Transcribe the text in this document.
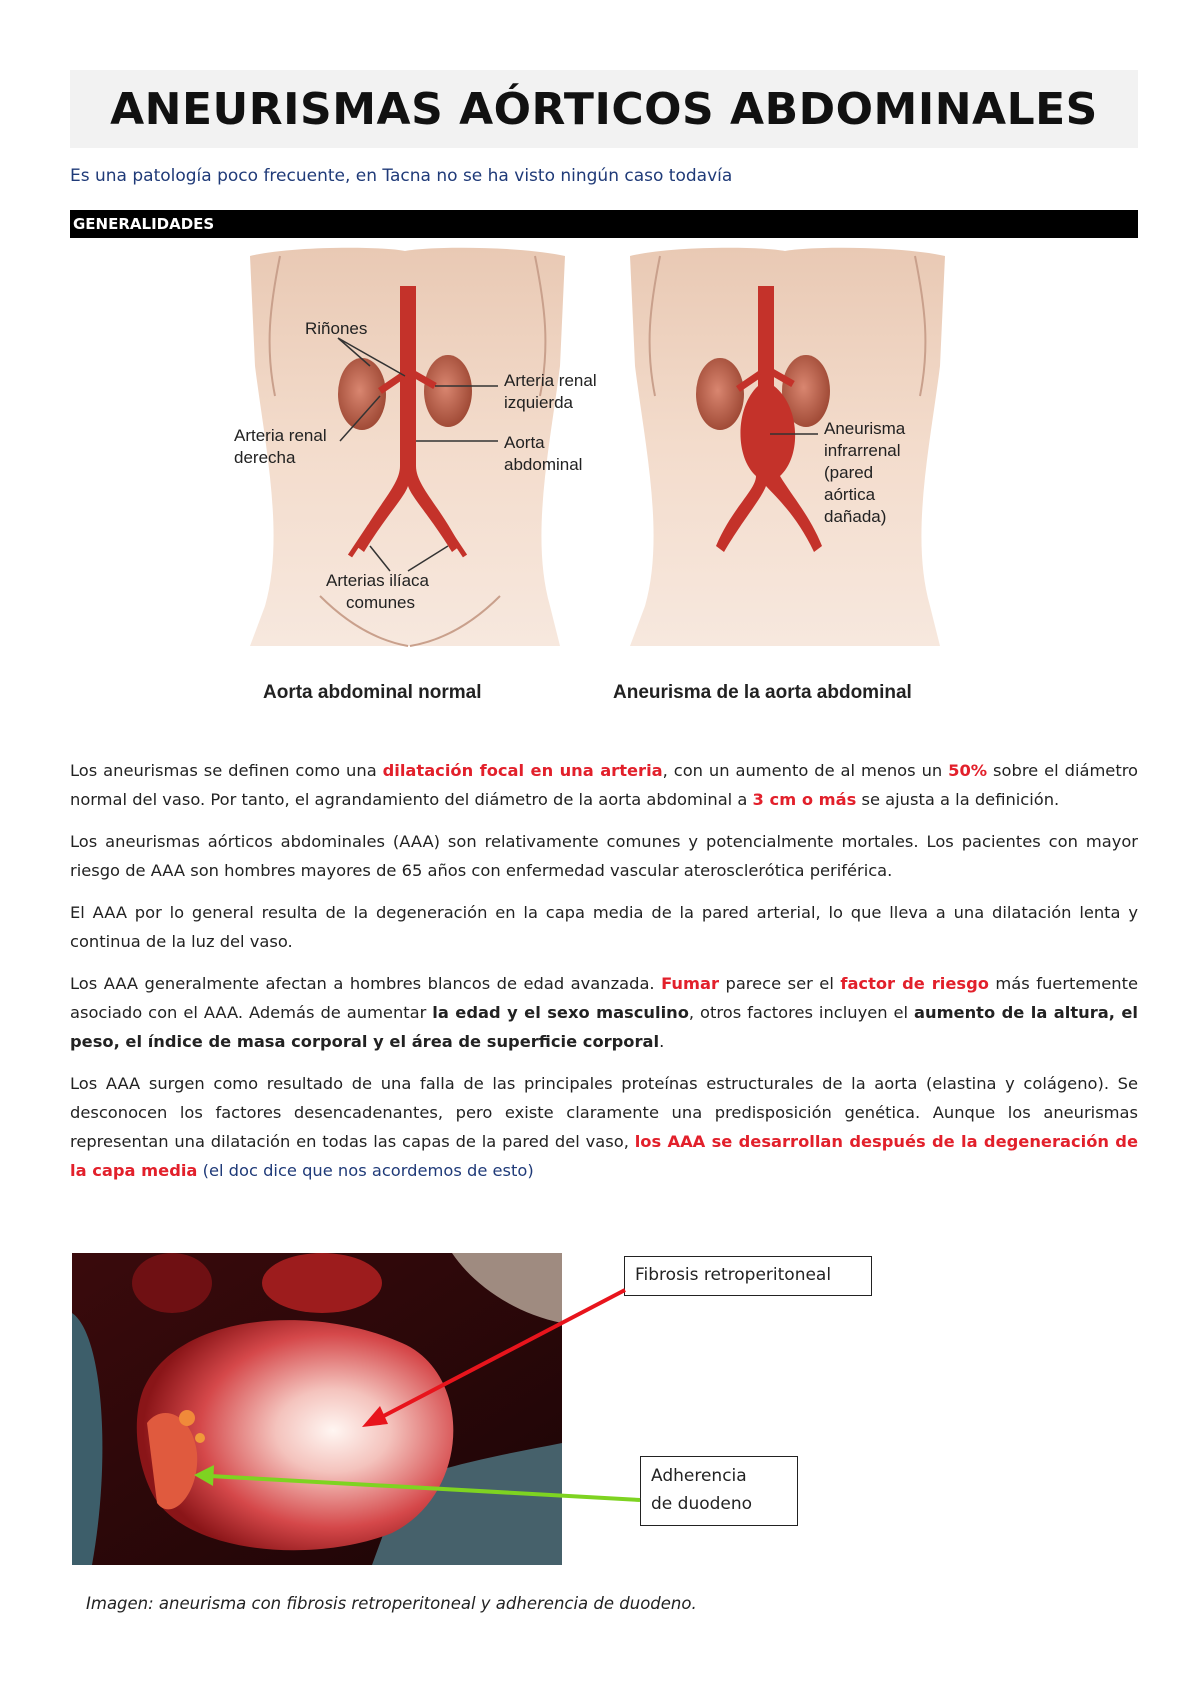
ANEURISMAS AÓRTICOS ABDOMINALES
Es una patología poco frecuente, en Tacna no se ha visto ningún caso todavía
GENERALIDADES
Riñones
Arteria renal
izquierda
Arteria renal
derecha
Aorta
abdominal
Arterias ilíaca
comunes
Aneurisma
infrarrenal
(pared
aórtica
dañada)
Aorta abdominal normal	Aneurisma de la aorta abdominal

Los aneurismas se definen como una dilatación focal en una arteria, con un aumento de al menos un 50% sobre el diámetro normal del vaso. Por tanto, el agrandamiento del diámetro de la aorta abdominal a 3 cm o más se ajusta a la definición.

Los aneurismas aórticos abdominales (AAA) son relativamente comunes y potencialmente mortales. Los pacientes con mayor riesgo de AAA son hombres mayores de 65 años con enfermedad vascular aterosclerótica periférica.

El AAA por lo general resulta de la degeneración en la capa media de la pared arterial, lo que lleva a una dilatación lenta y continua de la luz del vaso.

Los AAA generalmente afectan a hombres blancos de edad avanzada. Fumar parece ser el factor de riesgo más fuertemente asociado con el AAA. Además de aumentar la edad y el sexo masculino, otros factores incluyen el aumento de la altura, el peso, el índice de masa corporal y el área de superficie corporal.

Los AAA surgen como resultado de una falla de las principales proteínas estructurales de la aorta (elastina y colágeno). Se desconocen los factores desencadenantes, pero existe claramente una predisposición genética. Aunque los aneurismas representan una dilatación en todas las capas de la pared del vaso, los AAA se desarrollan después de la degeneración de la capa media (el doc dice que nos acordemos de esto)

Fibrosis retroperitoneal
Adherencia
de duodeno
Imagen: aneurisma con fibrosis retroperitoneal y adherencia de duodeno.
